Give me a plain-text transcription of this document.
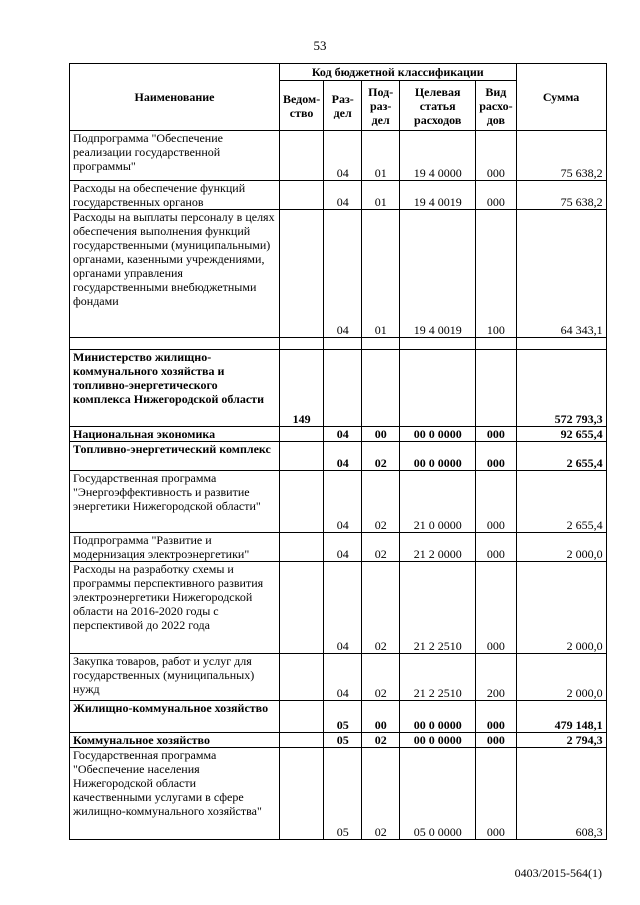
53
Наименование	Код бюджетной классификации					Сумма
	Ведом-ство	Раз-дел	Под-раз-дел	Целевая статья расходов	Вид расхо-дов	
Подпрограмма "Обеспечение реализации государственной программы"		04	01	19 4 0000	000	75 638,2
Расходы на обеспечение функций государственных органов		04	01	19 4 0019	000	75 638,2
Расходы на выплаты персоналу в целях обеспечения выполнения функций государственными (муниципальными) органами, казенными учреждениями, органами управления государственными внебюджетными фондами		04	01	19 4 0019	100	64 343,1

Министерство жилищно-коммунального хозяйства и топливно-энергетического комплекса Нижегородской области	149					572 793,3
Национальная экономика		04	00	00 0 0000	000	92 655,4
Топливно-энергетический комплекс		04	02	00 0 0000	000	2 655,4
Государственная программа "Энергоэффективность и развитие энергетики Нижегородской области"		04	02	21 0 0000	000	2 655,4
Подпрограмма "Развитие и модернизация электроэнергетики"		04	02	21 2 0000	000	2 000,0
Расходы на разработку схемы и программы перспективного развития электроэнергетики Нижегородской области на 2016-2020 годы с перспективой до 2022 года		04	02	21 2 2510	000	2 000,0
Закупка товаров, работ и услуг для государственных (муниципальных) нужд		04	02	21 2 2510	200	2 000,0
Жилищно-коммунальное хозяйство		05	00	00 0 0000	000	479 148,1
Коммунальное хозяйство		05	02	00 0 0000	000	2 794,3
Государственная программа "Обеспечение населения Нижегородской области качественными услугами в сфере жилищно-коммунального хозяйства"		05	02	05 0 0000	000	608,3
0403/2015-564(1)
